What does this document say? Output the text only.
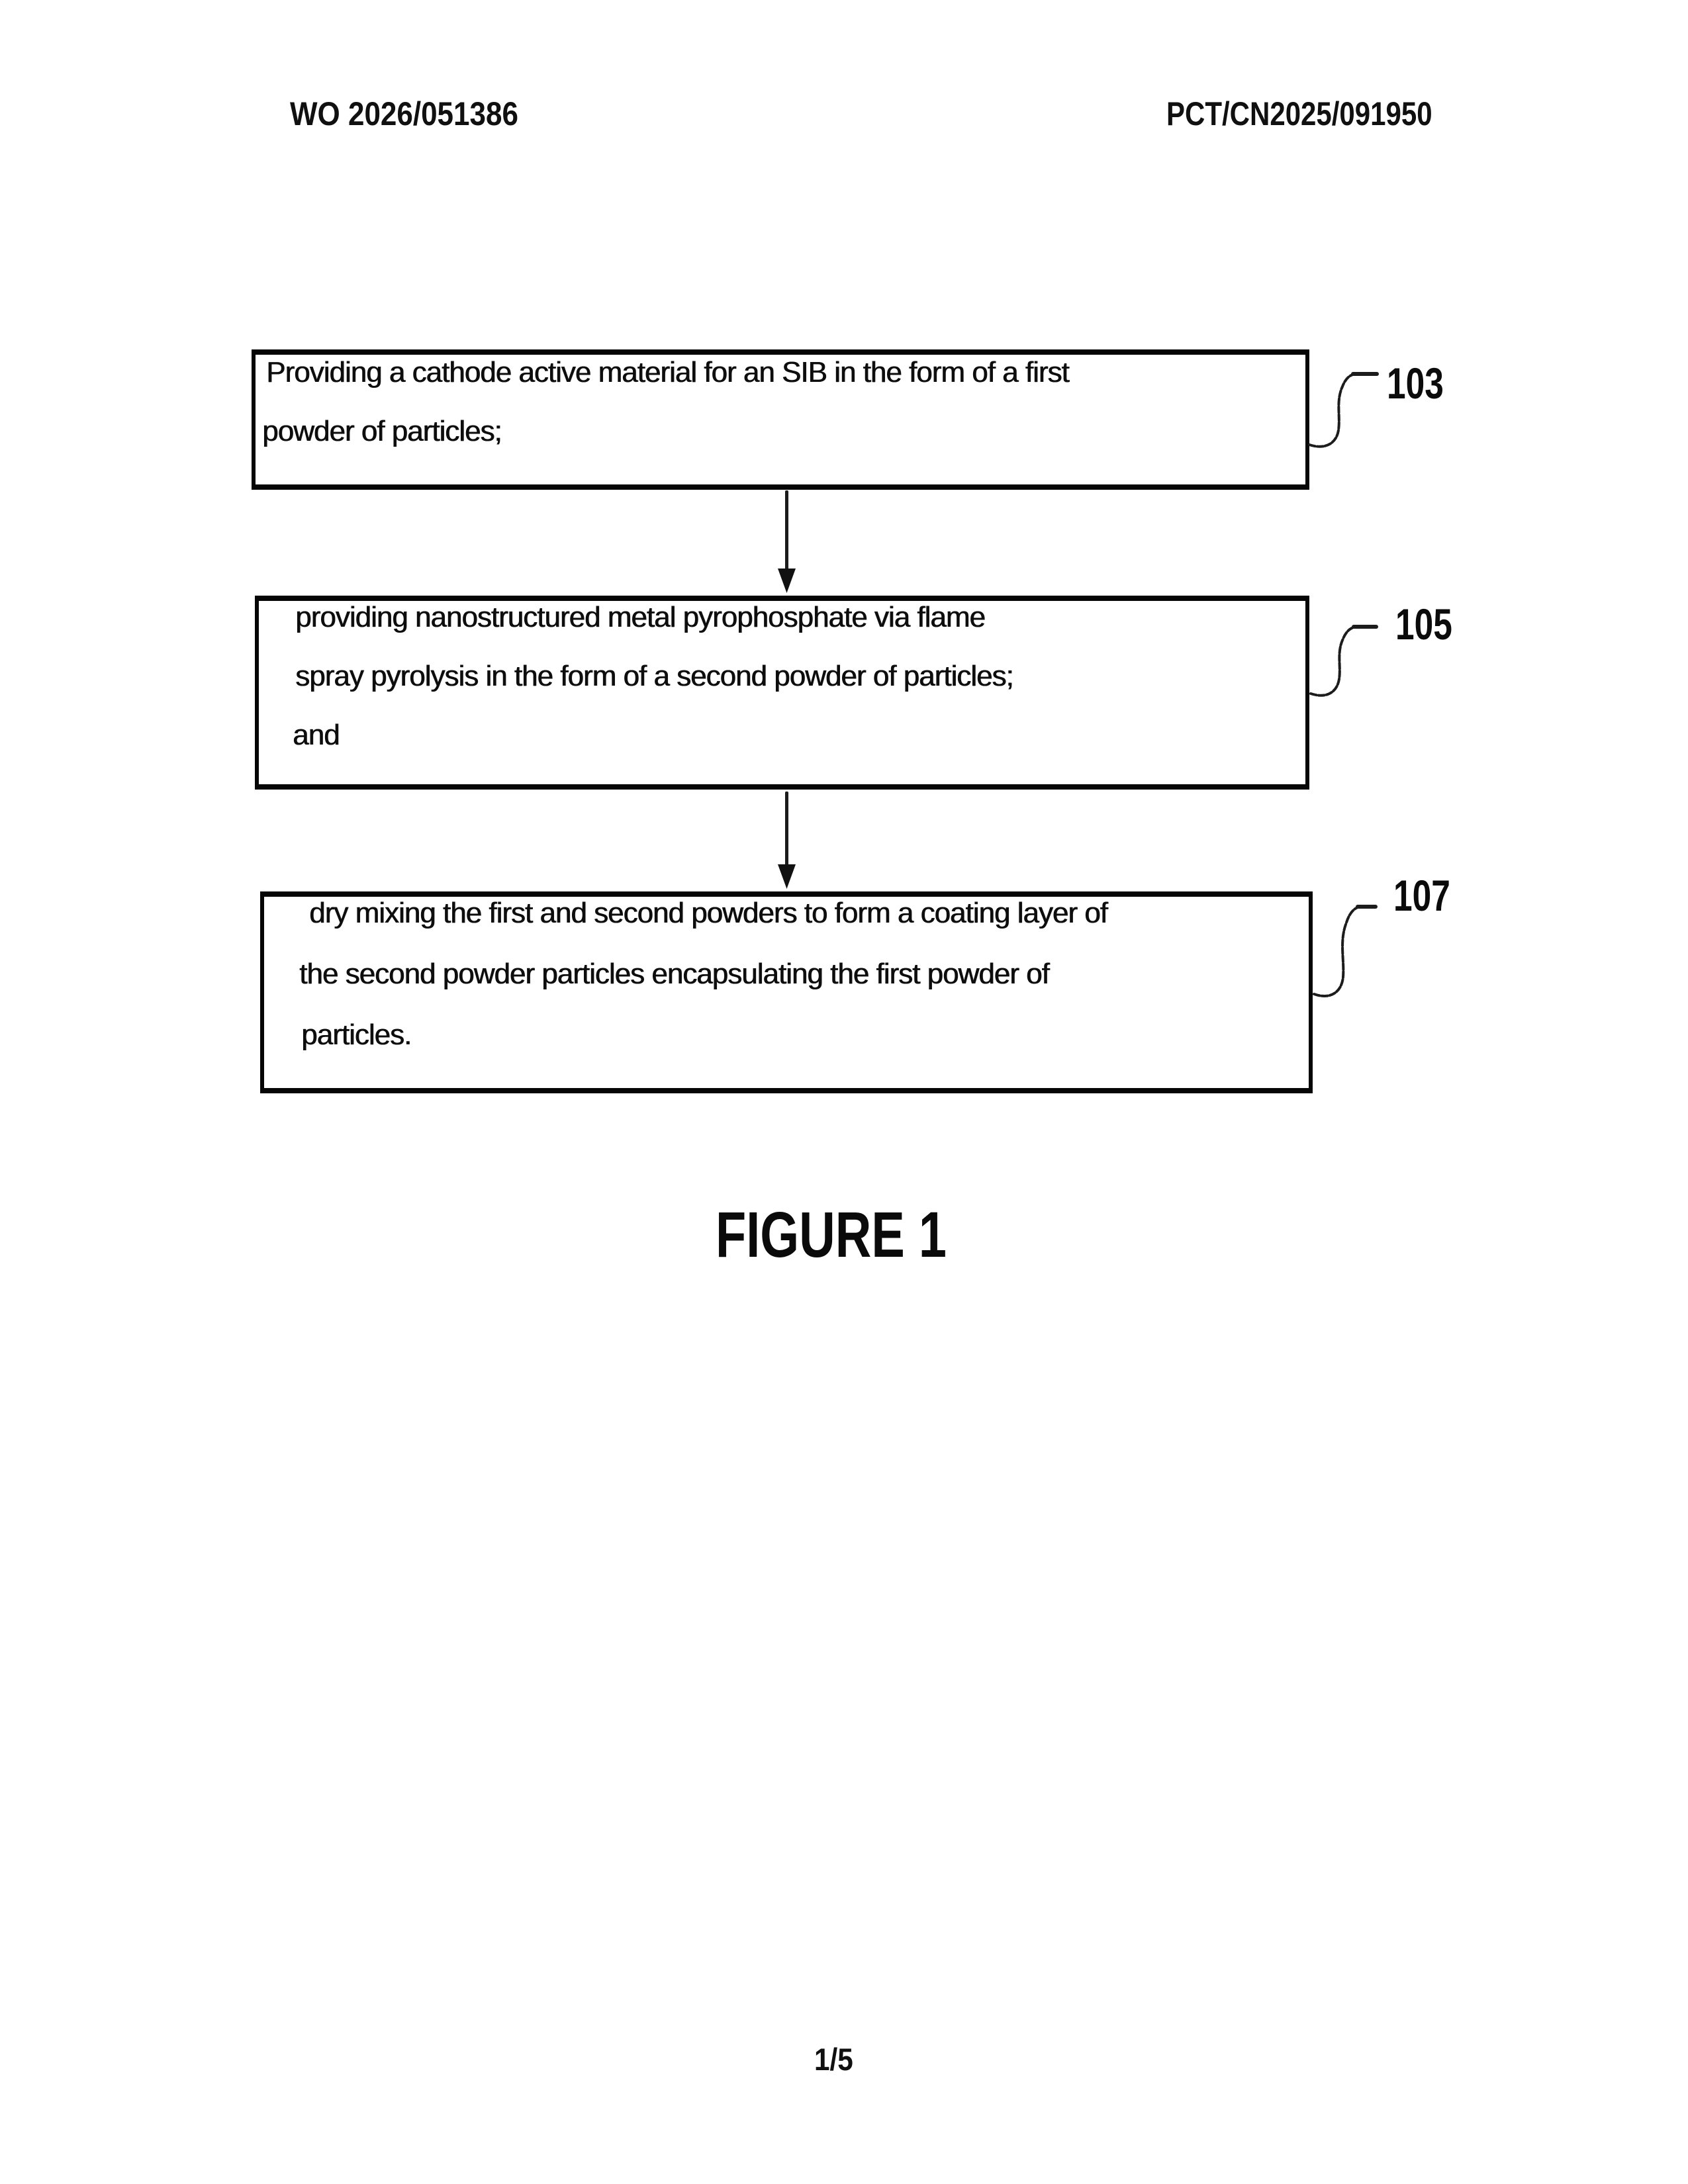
WO 2026/051386	PCT/CN2025/091950
Providing a cathode active material for an SIB in the form of a first
powder of particles;
103
providing nanostructured metal pyrophosphate via flame
spray pyrolysis in the form of a second powder of particles;
and
105
dry mixing the first and second powders to form a coating layer of
the second powder particles encapsulating the first powder of
particles.
107
FIGURE 1
1/5
